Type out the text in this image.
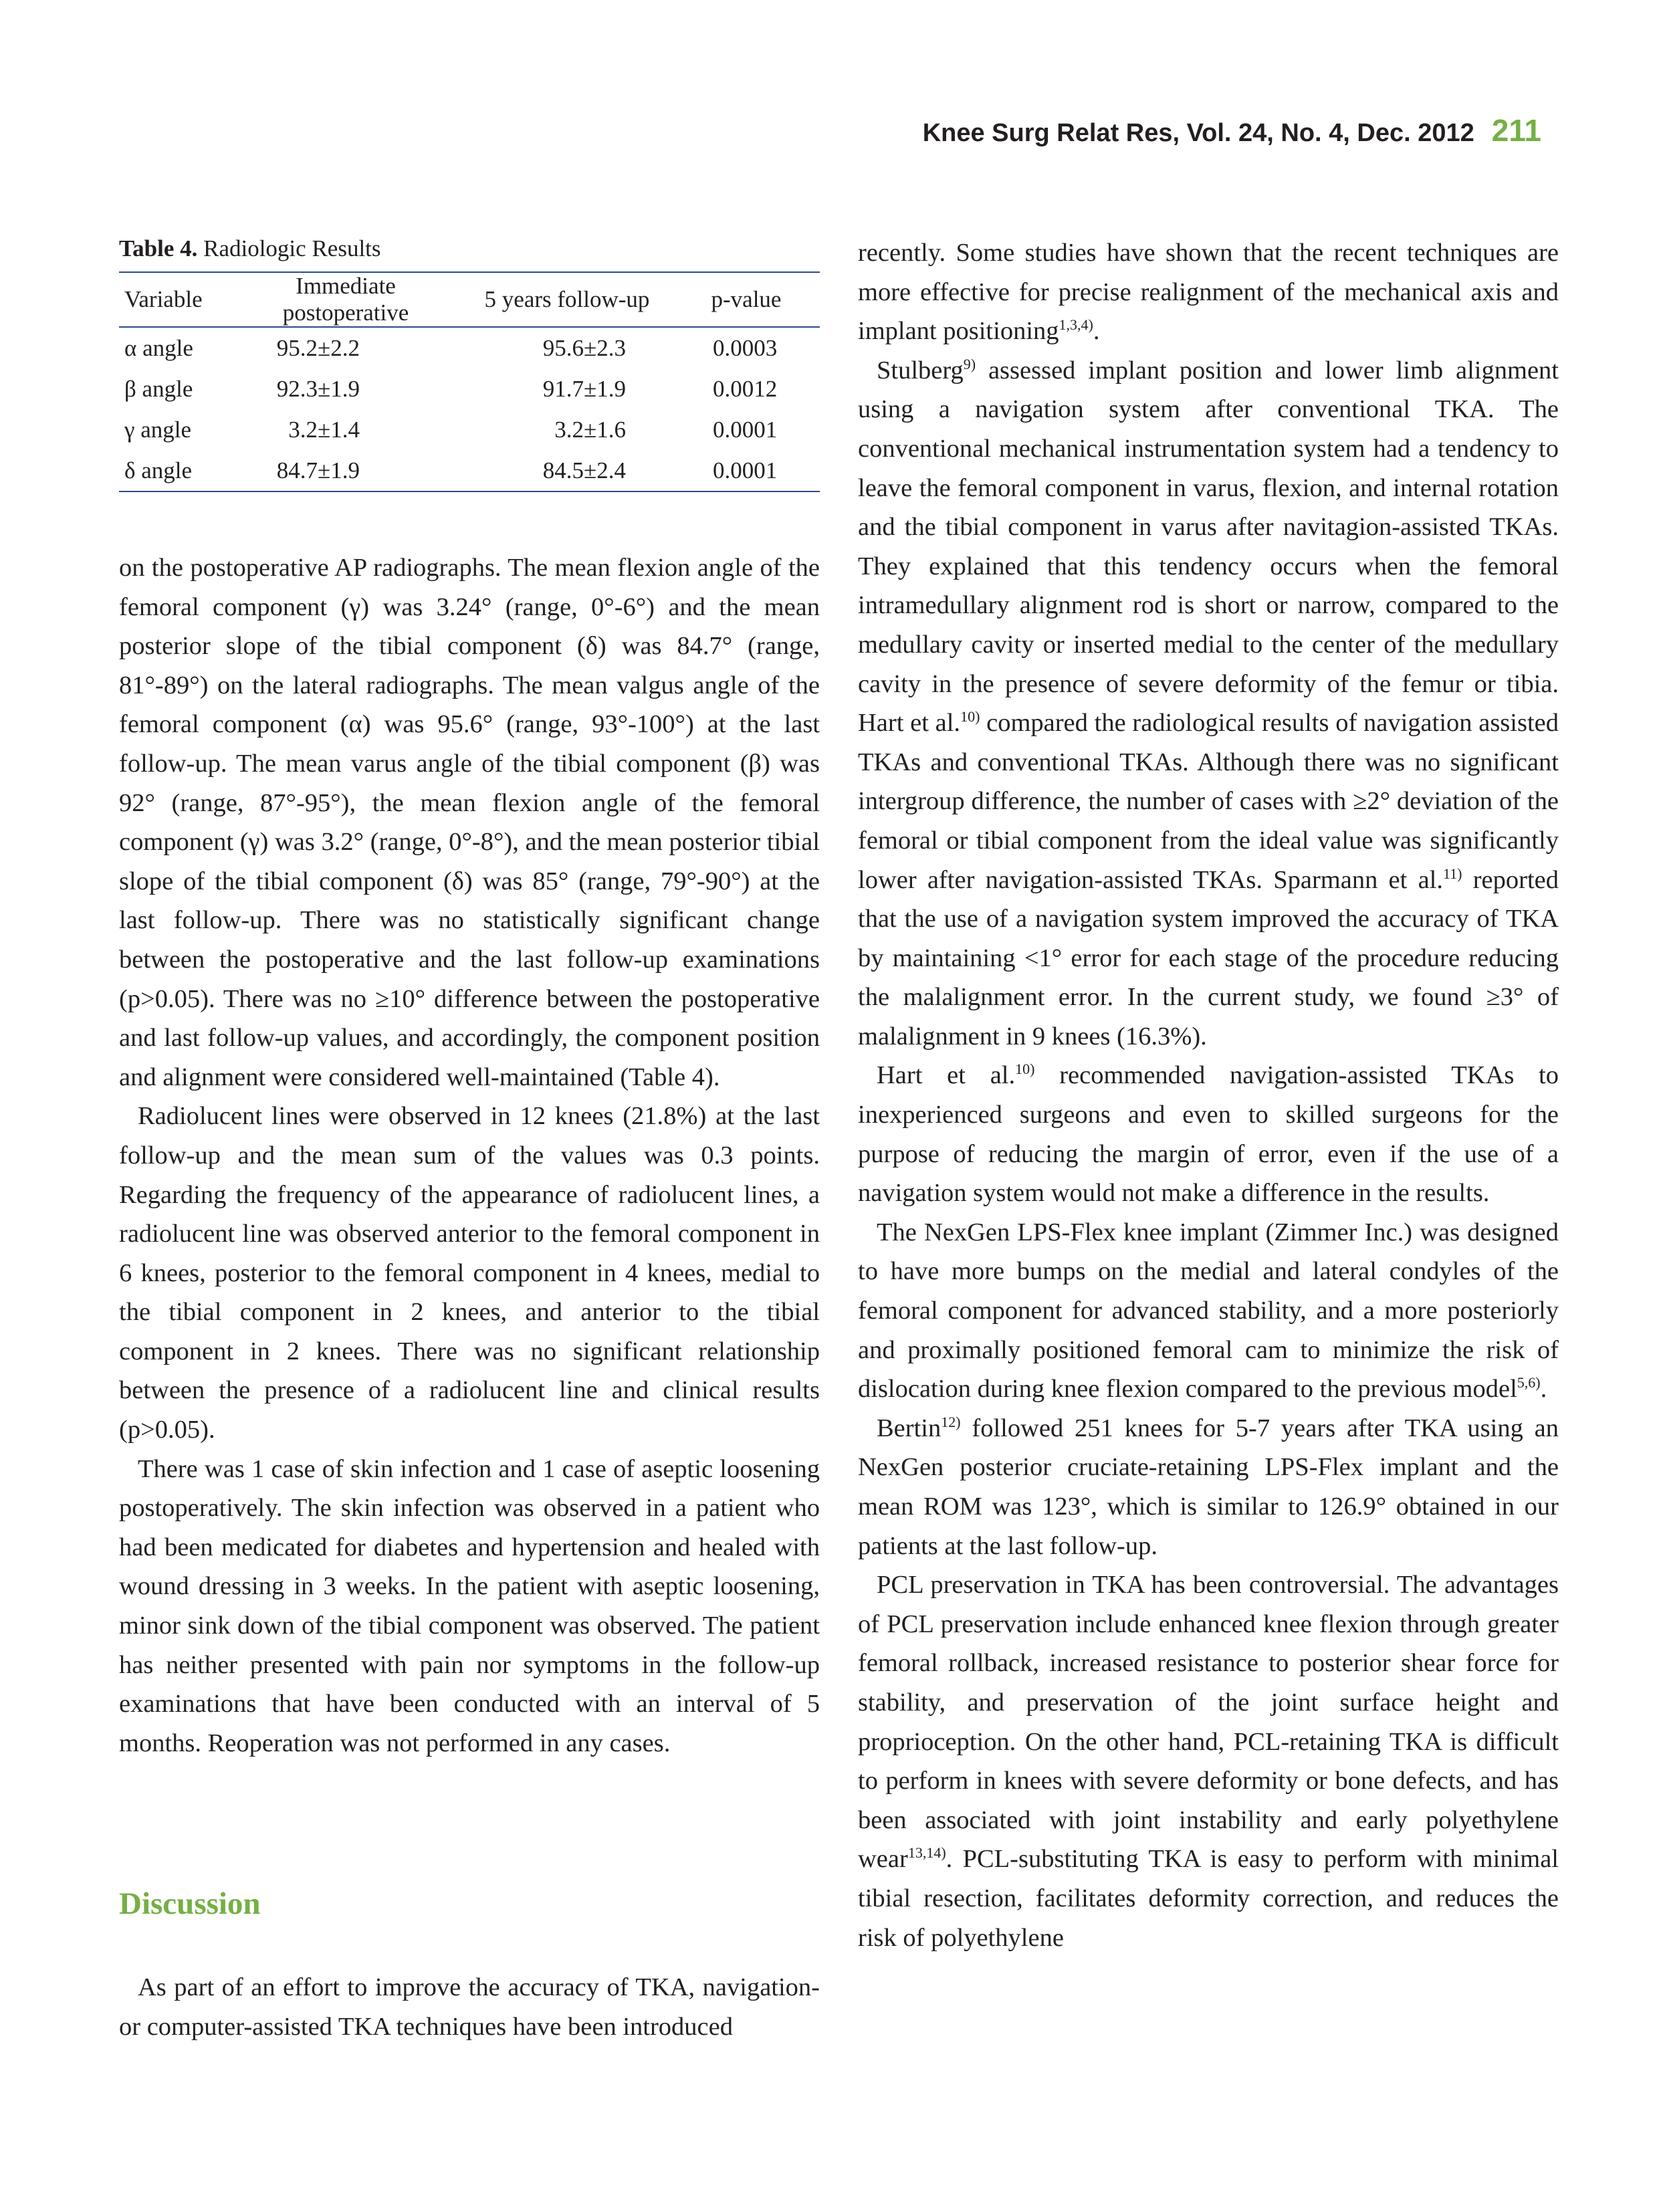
Knee Surg Relat Res, Vol. 24, No. 4, Dec. 2012 211
Table 4. Radiologic Results
Variable	Immediate postoperative	5 years follow-up	p-value
α angle	95.2±2.2	95.6±2.3	0.0003
β angle	92.3±1.9	91.7±1.9	0.0012
γ angle	3.2±1.4	3.2±1.6	0.0001
δ angle	84.7±1.9	84.5±2.4	0.0001

on the postoperative AP radiographs. The mean flexion angle of the femoral component (γ) was 3.24° (range, 0°-6°) and the mean posterior slope of the tibial component (δ) was 84.7° (range, 81°-89°) on the lateral radiographs. The mean valgus angle of the femoral component (α) was 95.6° (range, 93°-100°) at the last follow-up. The mean varus angle of the tibial component (β) was 92° (range, 87°-95°), the mean flexion angle of the femoral component (γ) was 3.2° (range, 0°-8°), and the mean posterior tibial slope of the tibial component (δ) was 85° (range, 79°-90°) at the last follow-up. There was no statistically significant change between the postoperative and the last follow-up examinations (p>0.05). There was no ≥10° difference between the postoperative and last follow-up values, and accordingly, the component position and alignment were considered well-maintained (Table 4).

Radiolucent lines were observed in 12 knees (21.8%) at the last follow-up and the mean sum of the values was 0.3 points. Regarding the frequency of the appearance of radiolucent lines, a radiolucent line was observed anterior to the femoral component in 6 knees, posterior to the femoral component in 4 knees, medial to the tibial component in 2 knees, and anterior to the tibial component in 2 knees. There was no significant relationship between the presence of a radiolucent line and clinical results (p>0.05).

There was 1 case of skin infection and 1 case of aseptic loosening postoperatively. The skin infection was observed in a patient who had been medicated for diabetes and hypertension and healed with wound dressing in 3 weeks. In the patient with aseptic loosening, minor sink down of the tibial component was observed. The patient has neither presented with pain nor symptoms in the follow-up examinations that have been conducted with an interval of 5 months. Reoperation was not performed in any cases.

Discussion

As part of an effort to improve the accuracy of TKA, navigation- or computer-assisted TKA techniques have been introduced

recently. Some studies have shown that the recent techniques are more effective for precise realignment of the mechanical axis and implant positioning$^{1,3,4)}$.

Stulberg$^{9)}$ assessed implant position and lower limb alignment using a navigation system after conventional TKA. The conventional mechanical instrumentation system had a tendency to leave the femoral component in varus, flexion, and internal rotation and the tibial component in varus after navitagion-assisted TKAs. They explained that this tendency occurs when the femoral intramedullary alignment rod is short or narrow, compared to the medullary cavity or inserted medial to the center of the medullary cavity in the presence of severe deformity of the femur or tibia. Hart et al.$^{10)}$ compared the radiological results of navigation assisted TKAs and conventional TKAs. Although there was no significant intergroup difference, the number of cases with ≥2° deviation of the femoral or tibial component from the ideal value was significantly lower after navigation-assisted TKAs. Sparmann et al.$^{11)}$ reported that the use of a navigation system improved the accuracy of TKA by maintaining <1° error for each stage of the procedure reducing the malalignment error. In the current study, we found ≥3° of malalignment in 9 knees (16.3%).

Hart et al.$^{10)}$ recommended navigation-assisted TKAs to inexperienced surgeons and even to skilled surgeons for the purpose of reducing the margin of error, even if the use of a navigation system would not make a difference in the results.

The NexGen LPS-Flex knee implant (Zimmer Inc.) was designed to have more bumps on the medial and lateral condyles of the femoral component for advanced stability, and a more posteriorly and proximally positioned femoral cam to minimize the risk of dislocation during knee flexion compared to the previous model$^{5,6)}$.

Bertin$^{12)}$ followed 251 knees for 5-7 years after TKA using an NexGen posterior cruciate-retaining LPS-Flex implant and the mean ROM was 123°, which is similar to 126.9° obtained in our patients at the last follow-up.

PCL preservation in TKA has been controversial. The advantages of PCL preservation include enhanced knee flexion through greater femoral rollback, increased resistance to posterior shear force for stability, and preservation of the joint surface height and proprioception. On the other hand, PCL-retaining TKA is difficult to perform in knees with severe deformity or bone defects, and has been associated with joint instability and early polyethylene wear$^{13,14)}$. PCL-substituting TKA is easy to perform with minimal tibial resection, facilitates deformity correction, and reduces the risk of polyethylene
